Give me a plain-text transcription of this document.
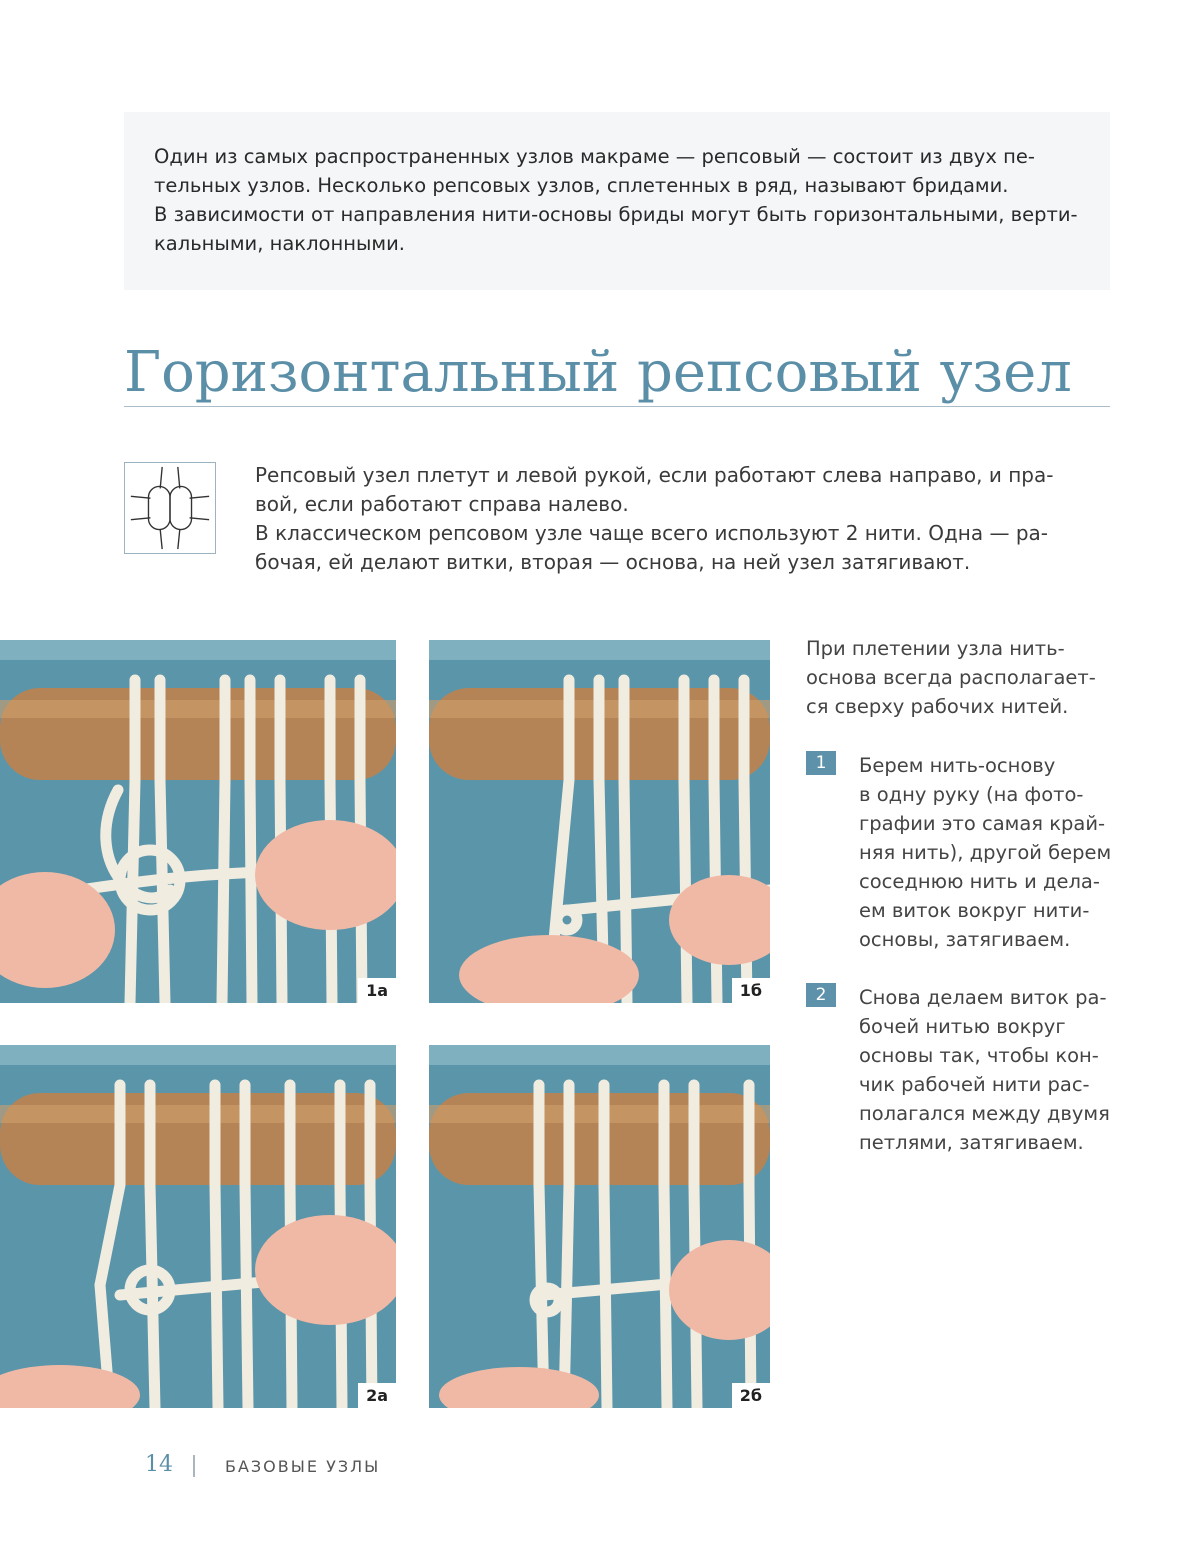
Один из самых распространенных узлов макраме — репсовый — состоит из двух пе-
тельных узлов. Несколько репсовых узлов, сплетенных в ряд, называют бридами.
В зависимости от направления нити-основы бриды могут быть горизонтальными, верти-
кальными, наклонными.
Горизонтальный репсовый узел
Репсовый узел плетут и левой рукой, если работают слева направо, и пра-
вой, если работают справа налево.
В классическом репсовом узле чаще всего используют 2 нити. Одна — ра-
бочая, ей делают витки, вторая — основа, на ней узел затягивают.
1а	1б
2а	2б
При плетении узла нить-
основа всегда располагает-
ся сверху рабочих нитей.
1	Берем нить-основу
в одну руку (на фото-
графии это самая край-
няя нить), другой берем
соседнюю нить и дела-
ем виток вокруг нити-
основы, затягиваем.
2	Снова делаем виток ра-
бочей нитью вокруг
основы так, чтобы кон-
чик рабочей нити рас-
полагался между двумя
петлями, затягиваем.
14	БАЗОВЫЕ УЗЛЫ
